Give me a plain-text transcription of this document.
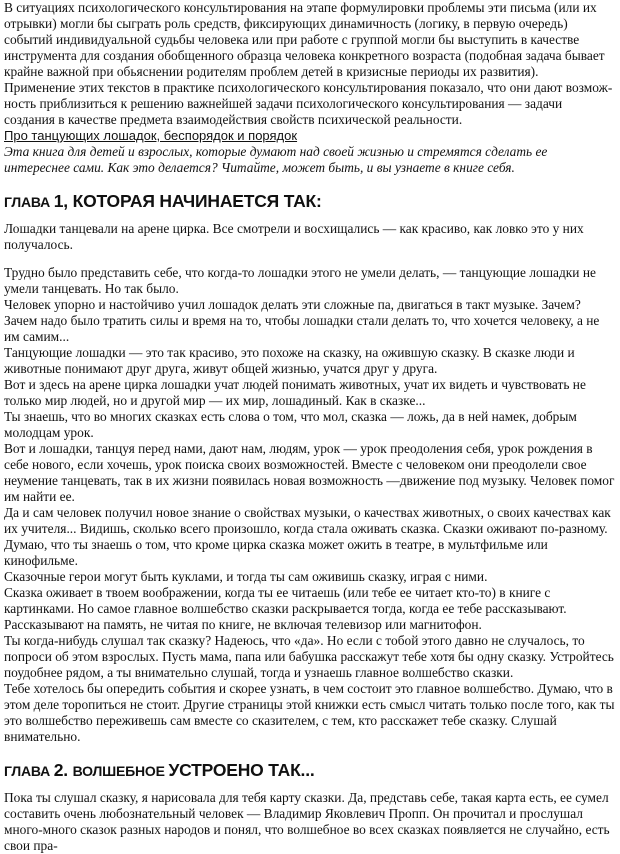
В ситуациях психологического консультирования на этапе формулировки проблемы эти письма (или их отрывки) могли бы сыграть роль средств, фиксирующих динамичность (логику, в первую очередь) событий индивидуальной судьбы человека или при работе с группой могли бы выступить в качестве инструмента для создания обобщенного образца человека конкретного возраста (подобная задача бывает крайне важной при обьяснении родителям проблем детей в кризисные периоды их развития).

Применение этих текстов в практике психологического консультирования показало, что они дают возмож-ность приблизиться к решению важнейшей задачи психологического консультирования — задачи создания в качестве предмета взаимодействия свойств психической реальности.

Про танцующих лошадок, беспорядок и порядок

Эта книга для детей и взрослых, которые думают над своей жизнью и стремятся сделать ее интереснее сами. Как это делается? Читайте, может быть, и вы узнаете в книге себя.

ГЛАВА 1, КОТОРАЯ НАЧИНАЕТСЯ ТАК:

Лошадки танцевали на арене цирка. Все смотрели и восхищались — как красиво, как ловко это у них получалось.

Трудно было представить себе, что когда-то лошадки этого не умели делать, — танцующие лошадки не умели танцевать. Но так было.

Человек упорно и настойчиво учил лошадок делать эти сложные па, двигаться в такт музыке. Зачем?

Зачем надо было тратить силы и время на то, чтобы лошадки стали делать то, что хочется человеку, а не им самим...

Танцующие лошадки — это так красиво, это похоже на сказку, на ожившую сказку. В сказке люди и животные понимают друг друга, живут общей жизнью, учатся друг у друга.

Вот и здесь на арене цирка лошадки учат людей понимать животных, учат их видеть и чувствовать не только мир людей, но и другой мир — их мир, лошадиный. Как в сказке...

Ты знаешь, что во многих сказках есть слова о том, что мол, сказка — ложь, да в ней намек, добрым молодцам урок.

Вот и лошадки, танцуя перед нами, дают нам, людям, урок — урок преодоления себя, урок рождения в себе нового, если хочешь, урок поиска своих возможностей. Вместе с человеком они преодолели свое неумение танцевать, так в их жизни появилась новая возможность —движение под музыку. Человек помог им найти ее.

Да и сам человек получил новое знание о свойствах музыки, о качествах животных, о своих качествах как их учителя... Видишь, сколько всего произошло, когда стала оживать сказка. Сказки оживают по-разному. Думаю, что ты знаешь о том, что кроме цирка сказка может ожить в театре, в мультфильме или кинофильме.

Сказочные герои могут быть куклами, и тогда ты сам оживишь сказку, играя с ними.

Сказка оживает в твоем воображении, когда ты ее читаешь (или тебе ее читает кто-то) в книге с картинками. Но самое главное волшебство сказки раскрывается тогда, когда ее тебе рассказывают. Рассказывают на память, не читая по книге, не включая телевизор или магнитофон.

Ты когда-нибудь слушал так сказку? Надеюсь, что «да». Но если с тобой этого давно не случалось, то попроси об этом взрослых. Пусть мама, папа или бабушка расскажут тебе хотя бы одну сказку. Устройтесь поудобнее рядом, а ты внимательно слушай, тогда и узнаешь главное волшебство сказки.

Тебе хотелось бы опередить события и скорее узнать, в чем состоит это главное волшебство. Думаю, что в этом деле торопиться не стоит. Другие страницы этой книжки есть смысл читать только после того, как ты это волшебство переживешь сам вместе со сказителем, с тем, кто расскажет тебе сказку. Слушай внимательно.

ГЛАВА 2. ВОЛШЕБНОЕ УСТРОЕНО ТАК...

Пока ты слушал сказку, я нарисовала для тебя карту сказки. Да, представь себе, такая карта есть, ее сумел составить очень любознательный человек — Владимир Яковлевич Пропп. Он прочитал и прослушал много-много сказок разных народов и понял, что волшебное во всех сказках появляется не случайно, есть свои пра-
